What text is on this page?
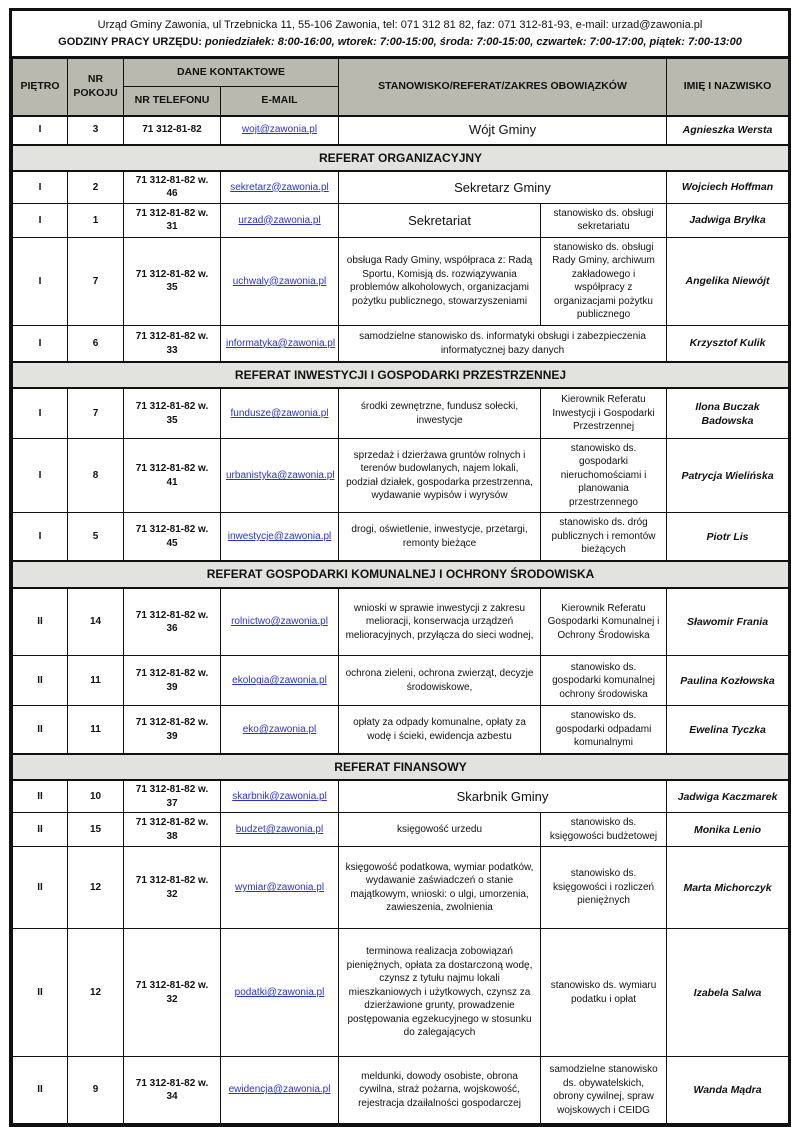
Urząd Gminy Zawonia, ul Trzebnicka 11, 55-106 Zawonia, tel: 071 312 81 82, faz: 071 312-81-93, e-mail: urzad@zawonia.pl
GODZINY PRACY URZĘDU: poniedziałek: 8:00-16:00, wtorek: 7:00-15:00, środa: 7:00-15:00, czwartek: 7:00-17:00, piątek: 7:00-13:00
PIĘTRO	NR POKOJU	DANE KONTAKTOWE		STANOWISKO/REFERAT/ZAKRES OBOWIĄZKÓW		IMIĘ I NAZWISKO
		NR TELEFONU	E-MAIL			
I	3	71 312-81-82	wojt@zawonia.pl	Wójt Gminy		Agnieszka Wersta
REFERAT ORGANIZACYJNY						
I	2	71 312-81-82 w. 46	sekretarz@zawonia.pl	Sekretarz Gminy		Wojciech Hoffman
I	1	71 312-81-82 w. 31	urzad@zawonia.pl	Sekretariat	stanowisko ds. obsługi sekretariatu	Jadwiga Bryłka
I	7	71 312-81-82 w. 35	uchwaly@zawonia.pl	obsługa Rady Gminy, współpraca z: Radą Sportu, Komisją ds. rozwiązywania problemów alkoholowych, organizacjami pożytku publicznego, stowarzyszeniami	stanowisko ds. obsługi Rady Gminy, archiwum zakładowego i współpracy z organizacjami pożytku publicznego	Angelika Niewójt
I	6	71 312-81-82 w. 33	informatyka@zawonia.pl	samodzielne stanowisko ds. informatyki obsługi i zabezpieczenia informatycznej bazy danych		Krzysztof Kulik
REFERAT INWESTYCJI I GOSPODARKI PRZESTRZENNEJ						
I	7	71 312-81-82 w. 35	fundusze@zawonia.pl	środki zewnętrzne, fundusz sołecki, inwestycje	Kierownik Referatu Inwestycji i Gospodarki Przestrzennej	Ilona Buczak Badowska
I	8	71 312-81-82 w. 41	urbanistyka@zawonia.pl	sprzedaż i dzierżawa gruntów rolnych i terenów budowlanych, najem lokali, podział działek, gospodarka przestrzenna, wydawanie wypisów i wyrysów	stanowisko ds. gospodarki nieruchomościami i planowania przestrzennego	Patrycja Wielińska
I	5	71 312-81-82 w. 45	inwestycje@zawonia.pl	drogi, oświetlenie, inwestycje, przetargi, remonty bieżące	stanowisko ds. dróg publicznych i remontów bieżących	Piotr Lis
REFERAT GOSPODARKI KOMUNALNEJ I OCHRONY ŚRODOWISKA						
II	14	71 312-81-82 w. 36	rolnictwo@zawonia.pl	wnioski w sprawie inwestycji z zakresu melioracji, konserwacja urządzeń melioracyjnych, przyłącza do sieci wodnej,	Kierownik Referatu Gospodarki Komunalnej i Ochrony Środowiska	Sławomir Frania
II	11	71 312-81-82 w. 39	ekologia@zawonia.pl	ochrona zieleni, ochrona zwierząt, decyzje środowiskowe,	stanowisko ds. gospodarki komunalnej ochrony środowiska	Paulina Kozłowska
II	11	71 312-81-82 w. 39	eko@zawonia.pl	opłaty za odpady komunalne, opłaty za wodę i ścieki, ewidencja azbestu	stanowisko ds. gospodarki odpadami komunalnymi	Ewelina Tyczka
REFERAT FINANSOWY						
II	10	71 312-81-82 w. 37	skarbnik@zawonia.pl	Skarbnik Gminy		Jadwiga Kaczmarek
II	15	71 312-81-82 w. 38	budzet@zawonia.pl	księgowość urzedu	stanowisko ds. księgowości budżetowej	Monika Lenio
II	12	71 312-81-82 w. 32	wymiar@zawonia.pl	księgowość podatkowa, wymiar podatków, wydawanie zaświadczeń o stanie majątkowym, wnioski: o ulgi, umorzenia, zawieszenia, zwolnienia	stanowisko ds. księgowości i rozliczeń pieniężnych	Marta Michorczyk
II	12	71 312-81-82 w. 32	podatki@zawonia.pl	terminowa realizacja zobowiązań pieniężnych, opłata za dostarczoną wodę, czynsz z tytułu najmu lokali mieszkaniowych i użytkowych, czynsz za dzierżawione grunty, prowadzenie postępowania egzekucyjnego w stosunku do zalegających	stanowisko ds. wymiaru podatku i opłat	Izabela Salwa
II	9	71 312-81-82 w. 34	ewidencja@zawonia.pl	meldunki, dowody osobiste, obrona cywilna, straż pożarna, wojskowość, rejestracja dzaiłalności gospodarczej	samodzielne stanowisko ds. obywatelskich, obrony cywilnej, spraw wojskowych i CEIDG	Wanda Mądra
